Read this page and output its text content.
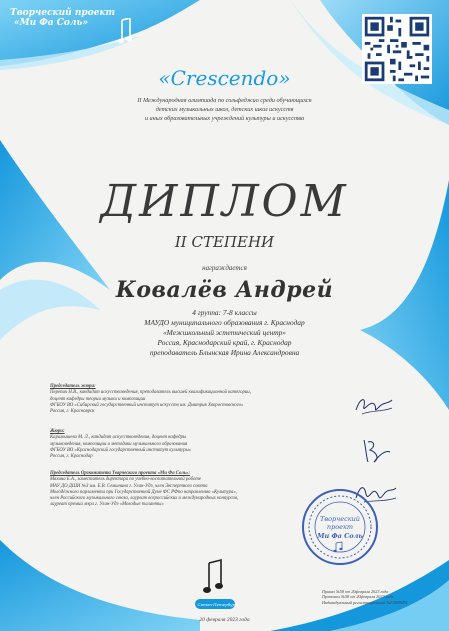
Творческий проект
«Ми Фа Соль»
«Crescendo»
II Международная олимпиада по сольфеджио среди обучающихся
детских музыкальных школ, детских школ искусств
и иных образовательных учреждений культуры и искусства
ДИПЛОМ
II СТЕПЕНИ
награждается
Ковалёв Андрей
4 группа: 7-8 классы
МАУДО муниципального образования г. Краснодар
«Межшкольный эстетический центр»
Россия, Краснодарский край, г. Краснодар
преподаватель Блынская Ирина Александровна
Председатель жюри:
Перепич Н.В., кандидат искусствоведения, преподаватель высшей квалификационной категории,
доцент кафедры теории музыки и композиции
ФГБОУ ВО «Сибирский государственный институт искусств им. Дмитрия Хворостовского»
Россия, г. Красноярск
Жюри:
Карамышева М. Л., кандидат искусствоведения, доцент кафедры
музыковедения, композиции и методики музыкального образования
ФГБОУ ВО «Краснодарский государственный институт культуры»
Россия, г. Краснодар
Председатель Оргкомитета Творческого проекта «Ми Фа Соль»:
Махина Е.А., заместитель директора по учебно-воспитательной работе
МАУ ДО ДШИ №3 им. Е.В. Семынина г. Улан-Удэ, член Экспертного совета
Молодёжного парламента при Государственной Думе ФС РФпо направлению «Культура»,
член Российского музыкального союза, лауреат всероссийских и международных конкурсов,
лауреат премии мэра г. Улан-Удэ «Молодые таланты»
Творческий
проект
Ми Фа Соль
Приказ №58 от 20февраля 2023 года
Протокол №58 от 20февраля 2023 года
Индивидуальный регистрационный №F2609693
г. Санкт-Петербург
20 февраля 2023 года
